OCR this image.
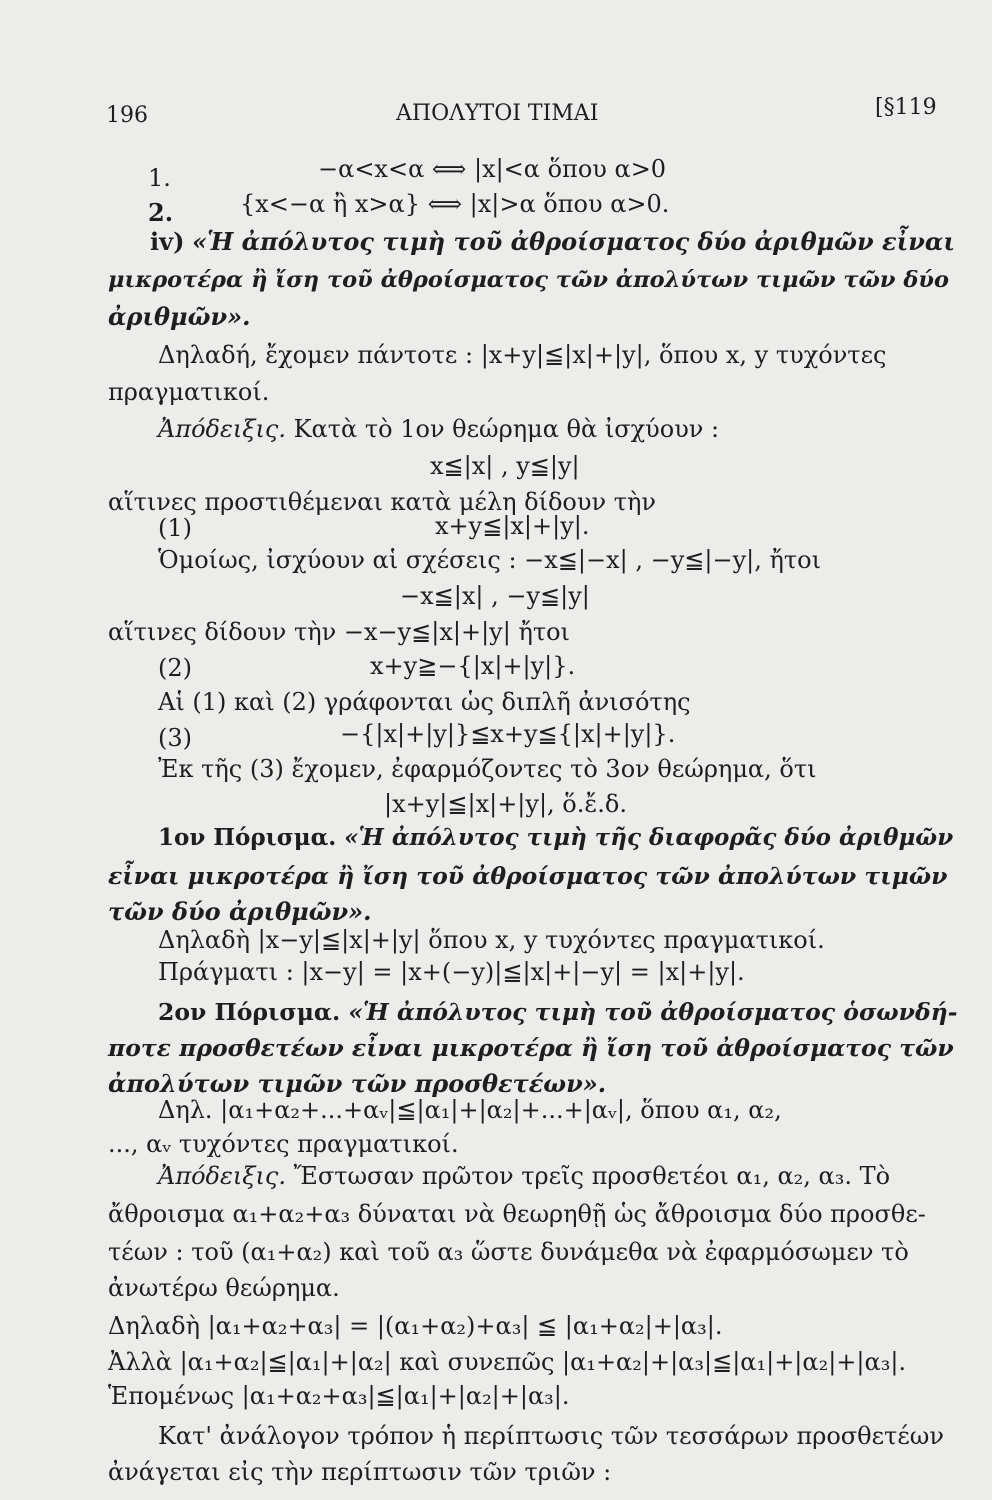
196	ΑΠΟΛΥΤΟΙ ΤΙΜΑΙ	[§119
1.	−α<x<α ⟺ |x|<α ὅπου α>0
2.	{x<−α ἢ x>α} ⟺ |x|>α ὅπου α>0.
iv) «Ἡ ἀπόλυτος τιμὴ τοῦ ἀθροίσματος δύο ἀριθμῶν εἶναι
μικροτέρα ἢ ἴση τοῦ ἀθροίσματος τῶν ἀπολύτων τιμῶν τῶν δύο
ἀριθμῶν».
Δηλαδή, ἔχομεν πάντοτε : |x+y|≦|x|+|y|, ὅπου x, y τυχόντες
πραγματικοί.
Ἀπόδειξις. Κατὰ τὸ 1ον θεώρημα θὰ ἰσχύουν :
x≦|x| , y≦|y|
αἵτινες προστιθέμεναι κατὰ μέλη δίδουν τὴν
(1)	x+y≦|x|+|y|.
Ὁμοίως, ἰσχύουν αἱ σχέσεις : −x≦|−x| , −y≦|−y|, ἤτοι
−x≦|x| , −y≦|y|
αἵτινες δίδουν τὴν −x−y≦|x|+|y| ἤτοι
(2)	x+y≧−{|x|+|y|}.
Αἱ (1) καὶ (2) γράφονται ὡς διπλῆ ἀνισότης
(3)	−{|x|+|y|}≦x+y≦{|x|+|y|}.
Ἐκ τῆς (3) ἔχομεν, ἐφαρμόζοντες τὸ 3ον θεώρημα, ὅτι
|x+y|≦|x|+|y|, ὅ.ἔ.δ.
1ον Πόρισμα. «Ἡ ἀπόλυτος τιμὴ τῆς διαφορᾶς δύο ἀριθμῶν
εἶναι μικροτέρα ἢ ἴση τοῦ ἀθροίσματος τῶν ἀπολύτων τιμῶν
τῶν δύο ἀριθμῶν».
Δηλαδὴ |x−y|≦|x|+|y| ὅπου x, y τυχόντες πραγματικοί.
Πράγματι : |x−y| = |x+(−y)|≦|x|+|−y| = |x|+|y|.
2ον Πόρισμα. «Ἡ ἀπόλυτος τιμὴ τοῦ ἀθροίσματος ὁσωνδή-
ποτε προσθετέων εἶναι μικροτέρα ἢ ἴση τοῦ ἀθροίσματος τῶν
ἀπολύτων τιμῶν τῶν προσθετέων».
Δηλ. |α₁+α₂+...+αᵥ|≦|α₁|+|α₂|+...+|αᵥ|, ὅπου α₁, α₂,
..., αᵥ τυχόντες πραγματικοί.
Ἀπόδειξις. Ἔστωσαν πρῶτον τρεῖς προσθετέοι α₁, α₂, α₃. Τὸ
ἄθροισμα α₁+α₂+α₃ δύναται νὰ θεωρηθῇ ὡς ἄθροισμα δύο προσθε-
τέων : τοῦ (α₁+α₂) καὶ τοῦ α₃ ὥστε δυνάμεθα νὰ ἐφαρμόσωμεν τὸ
ἀνωτέρω θεώρημα.
Δηλαδὴ |α₁+α₂+α₃| = |(α₁+α₂)+α₃| ≦ |α₁+α₂|+|α₃|.
Ἀλλὰ |α₁+α₂|≦|α₁|+|α₂| καὶ συνεπῶς |α₁+α₂|+|α₃|≦|α₁|+|α₂|+|α₃|.
Ἑπομένως |α₁+α₂+α₃|≦|α₁|+|α₂|+|α₃|.
Κατ' ἀνάλογον τρόπον ἡ περίπτωσις τῶν τεσσάρων προσθετέων
ἀνάγεται εἰς τὴν περίπτωσιν τῶν τριῶν :
